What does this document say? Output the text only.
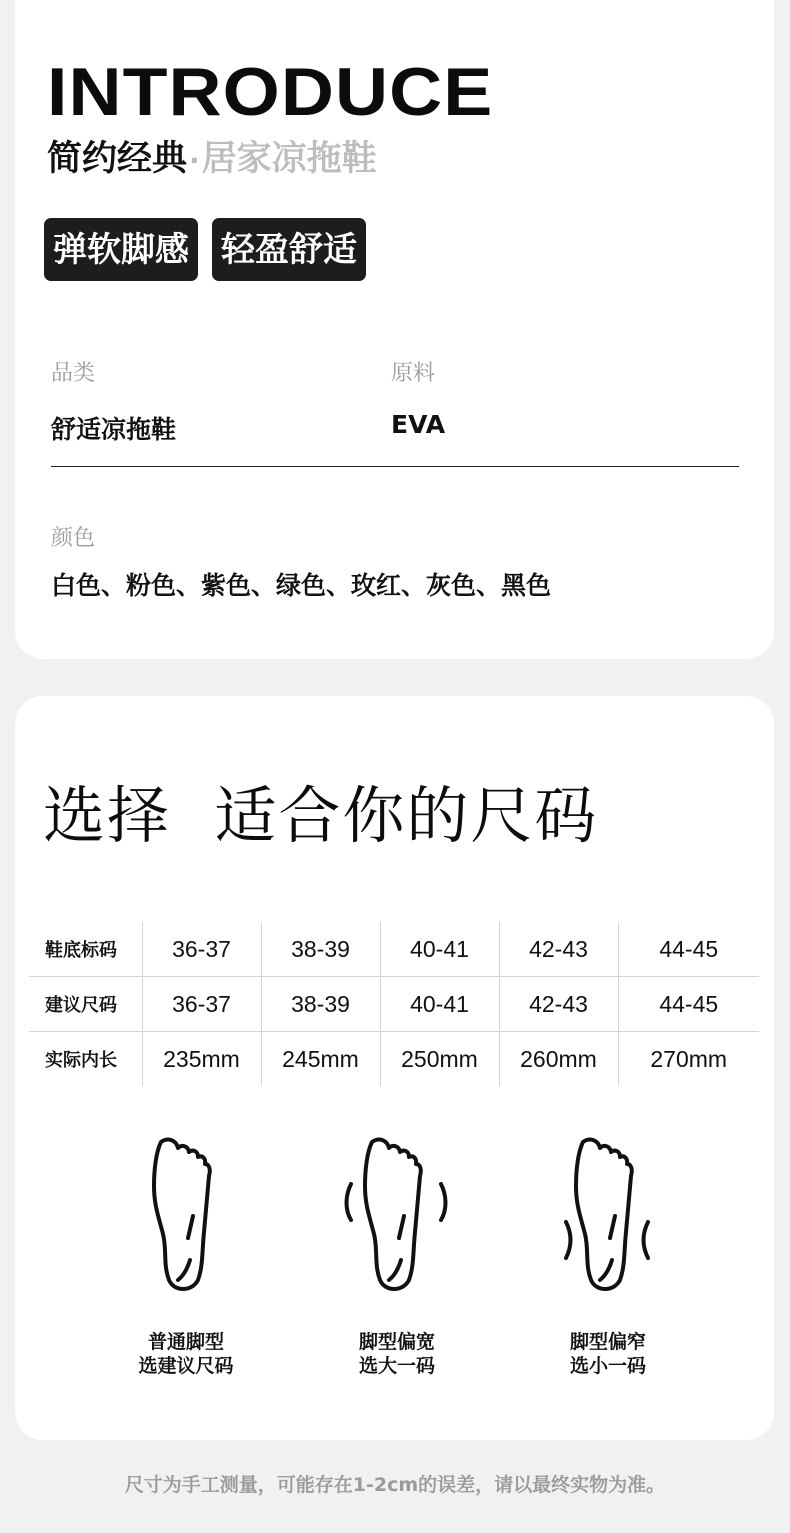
INTRODUCE
简约经典·居家凉拖鞋
弹软脚感 轻盈舒适
品类
舒适凉拖鞋
原料
EVA
颜色
白色、粉色、紫色、绿色、玫红、灰色、黑色
选择  适合你的尺码
鞋底标码	36-37	38-39	40-41	42-43	44-45
建议尺码	36-37	38-39	40-41	42-43	44-45
实际内长	235mm	245mm	250mm	260mm	270mm
普通脚型
选建议尺码
脚型偏宽
选大一码
脚型偏窄
选小一码
尺寸为手工测量，可能存在1-2cm的误差，请以最终实物为准。
